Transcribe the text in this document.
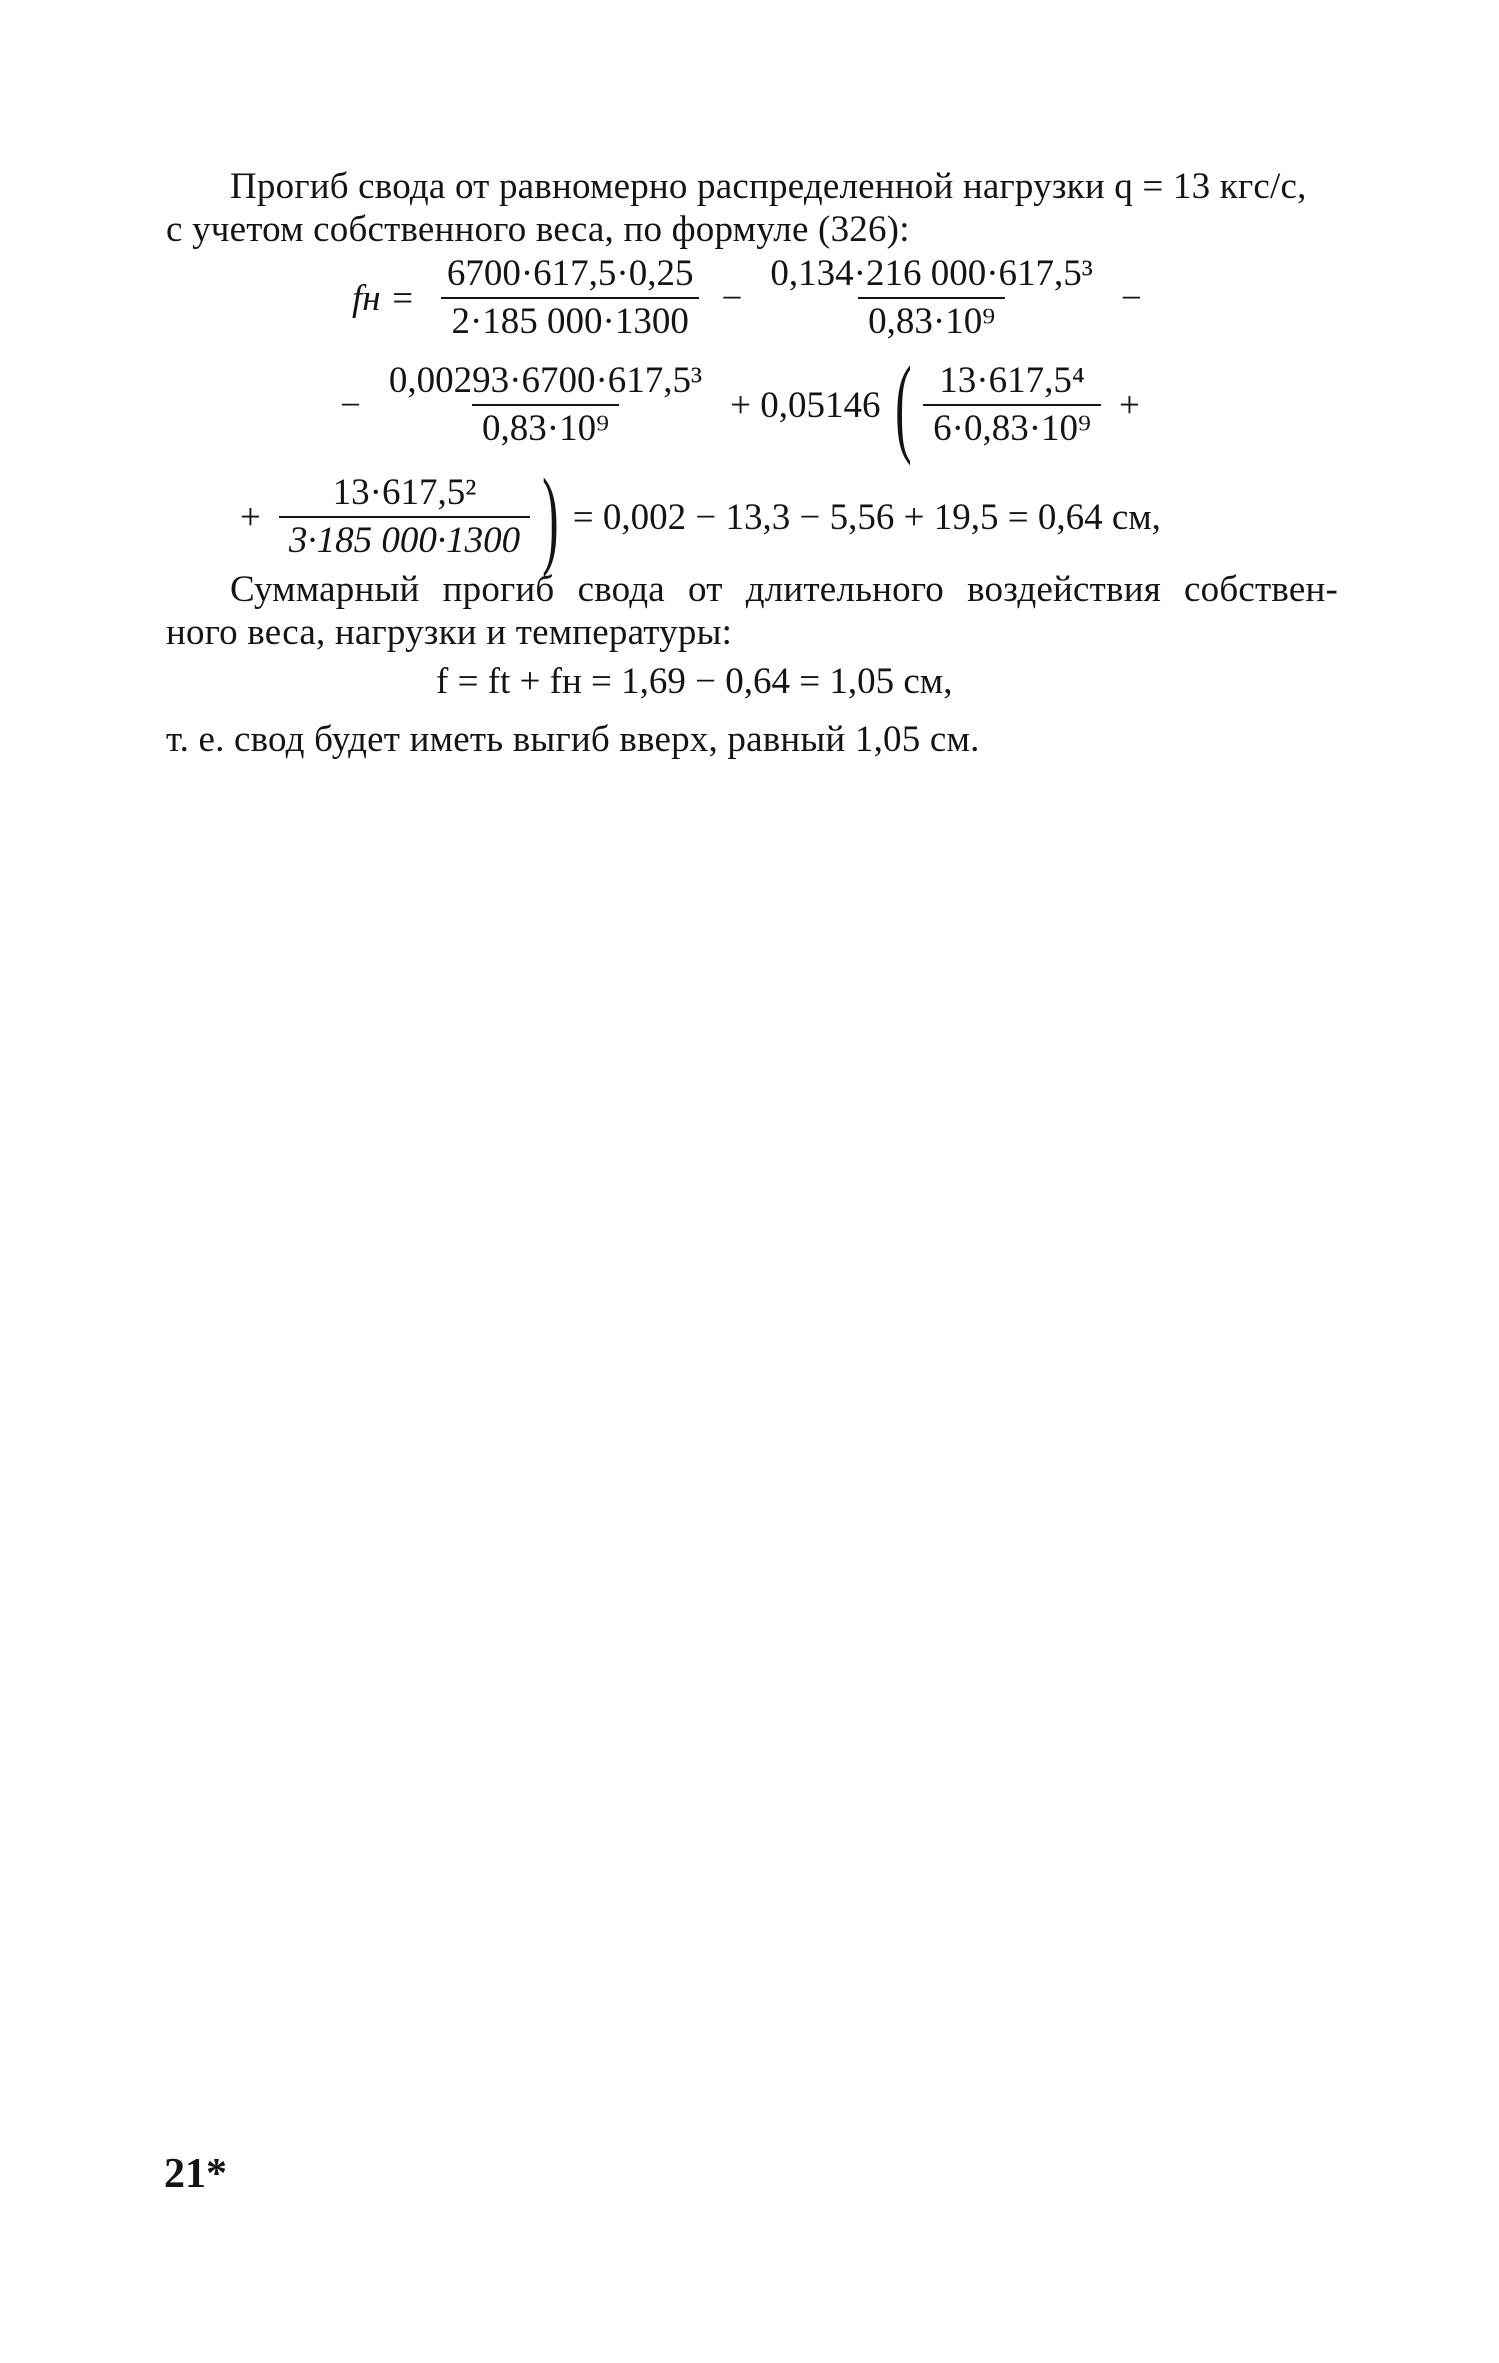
Прогиб свода от равномерно распределенной нагрузки q = 13 кгс/с,
с учетом собственного веса, по формуле (326):
fн = $\frac{6700\cdot 617,5\cdot 0,25}{2\cdot 185 000\cdot 1300} - \frac{\text{0,134·216 000·617,5³}}{\text{0,83·10⁹}}$ −
− $\frac{\text{0,00293·6700·617,5³}}{\text{0,83·10⁹}} + 0,05146$ ( $\frac{\text{13·617,5⁴}}{\text{6·0,83·10⁹}}$ +
+ $\frac{\text{13·617,5²}}{3\cdot 185 000\cdot 1300}$ ) = 0,002 − 13,3 − 5,56 + 19,5 = 0,64 см,
Суммарный прогиб свода от длительного воздействия собствен-
ного веса, нагрузки и температуры:
f = ft + fн = 1,69 − 0,64 = 1,05 см,
т. е. свод будет иметь выгиб вверх, равный 1,05 см.
21*
